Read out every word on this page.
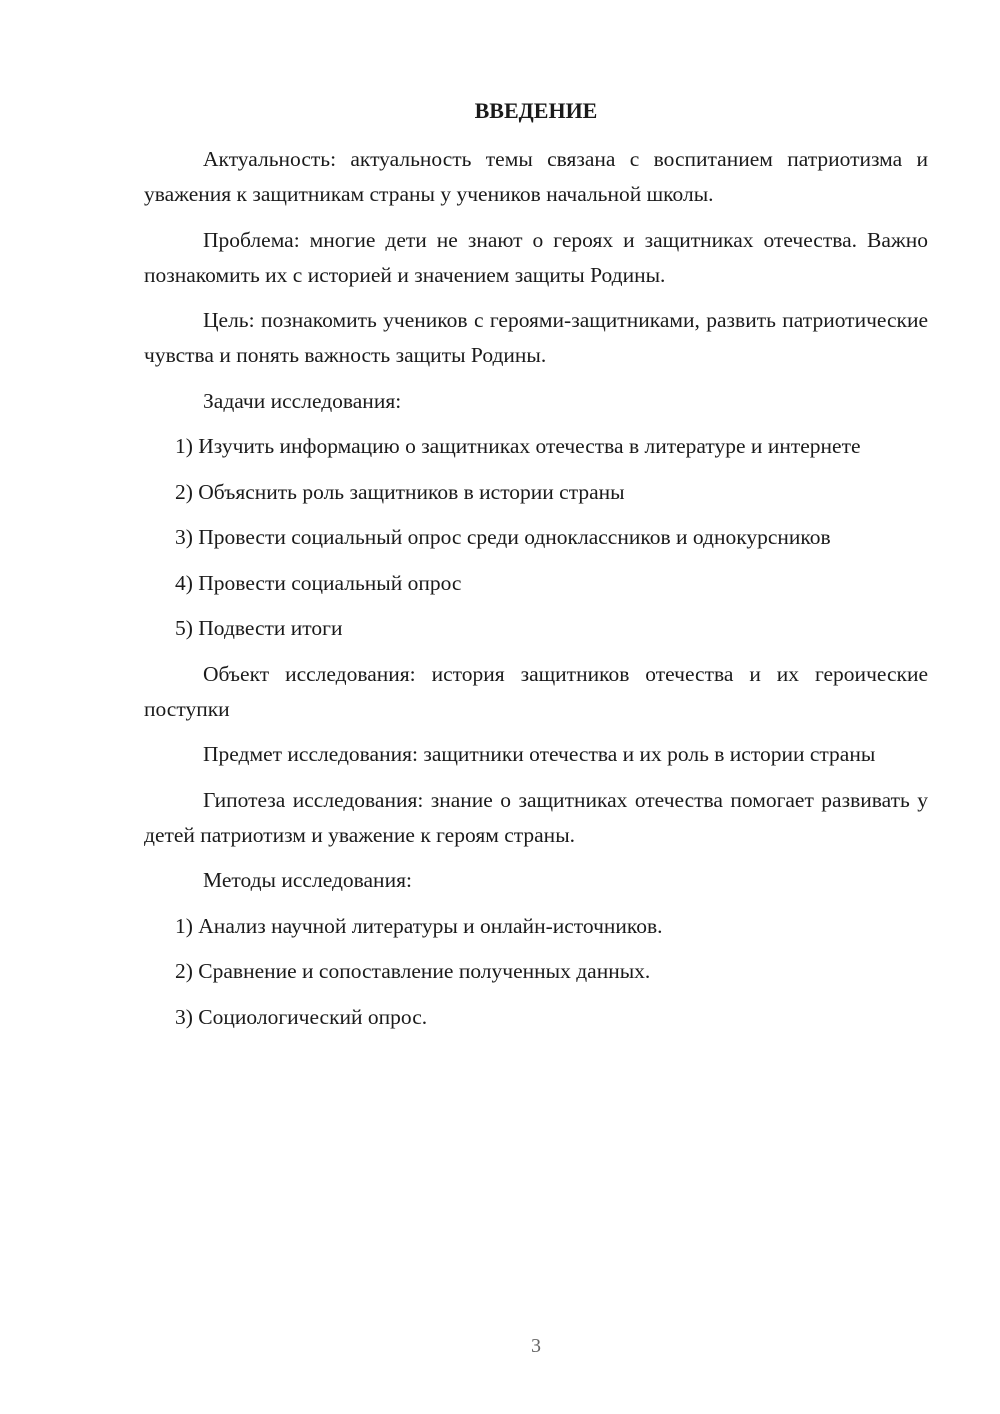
ВВЕДЕНИЕ

Актуальность: актуальность темы связана с воспитанием патриотизма и уважения к защитникам страны у учеников начальной школы.

Проблема: многие дети не знают о героях и защитниках отечества. Важно познакомить их с историей и значением защиты Родины.

Цель: познакомить учеников с героями-защитниками, развить патриотические чувства и понять важность защиты Родины.

Задачи исследования:

1) Изучить информацию о защитниках отечества в литературе и интернете

2) Объяснить роль защитников в истории страны

3) Провести социальный опрос среди одноклассников и однокурсников

4) Провести социальный опрос

5) Подвести итоги

Объект исследования: история защитников отечества и их героические поступки

Предмет исследования: защитники отечества и их роль в истории страны

Гипотеза исследования: знание о защитниках отечества помогает развивать у детей патриотизм и уважение к героям страны.

Методы исследования:

1) Анализ научной литературы и онлайн-источников.

2) Сравнение и сопоставление полученных данных.

3) Социологический опрос.

3
